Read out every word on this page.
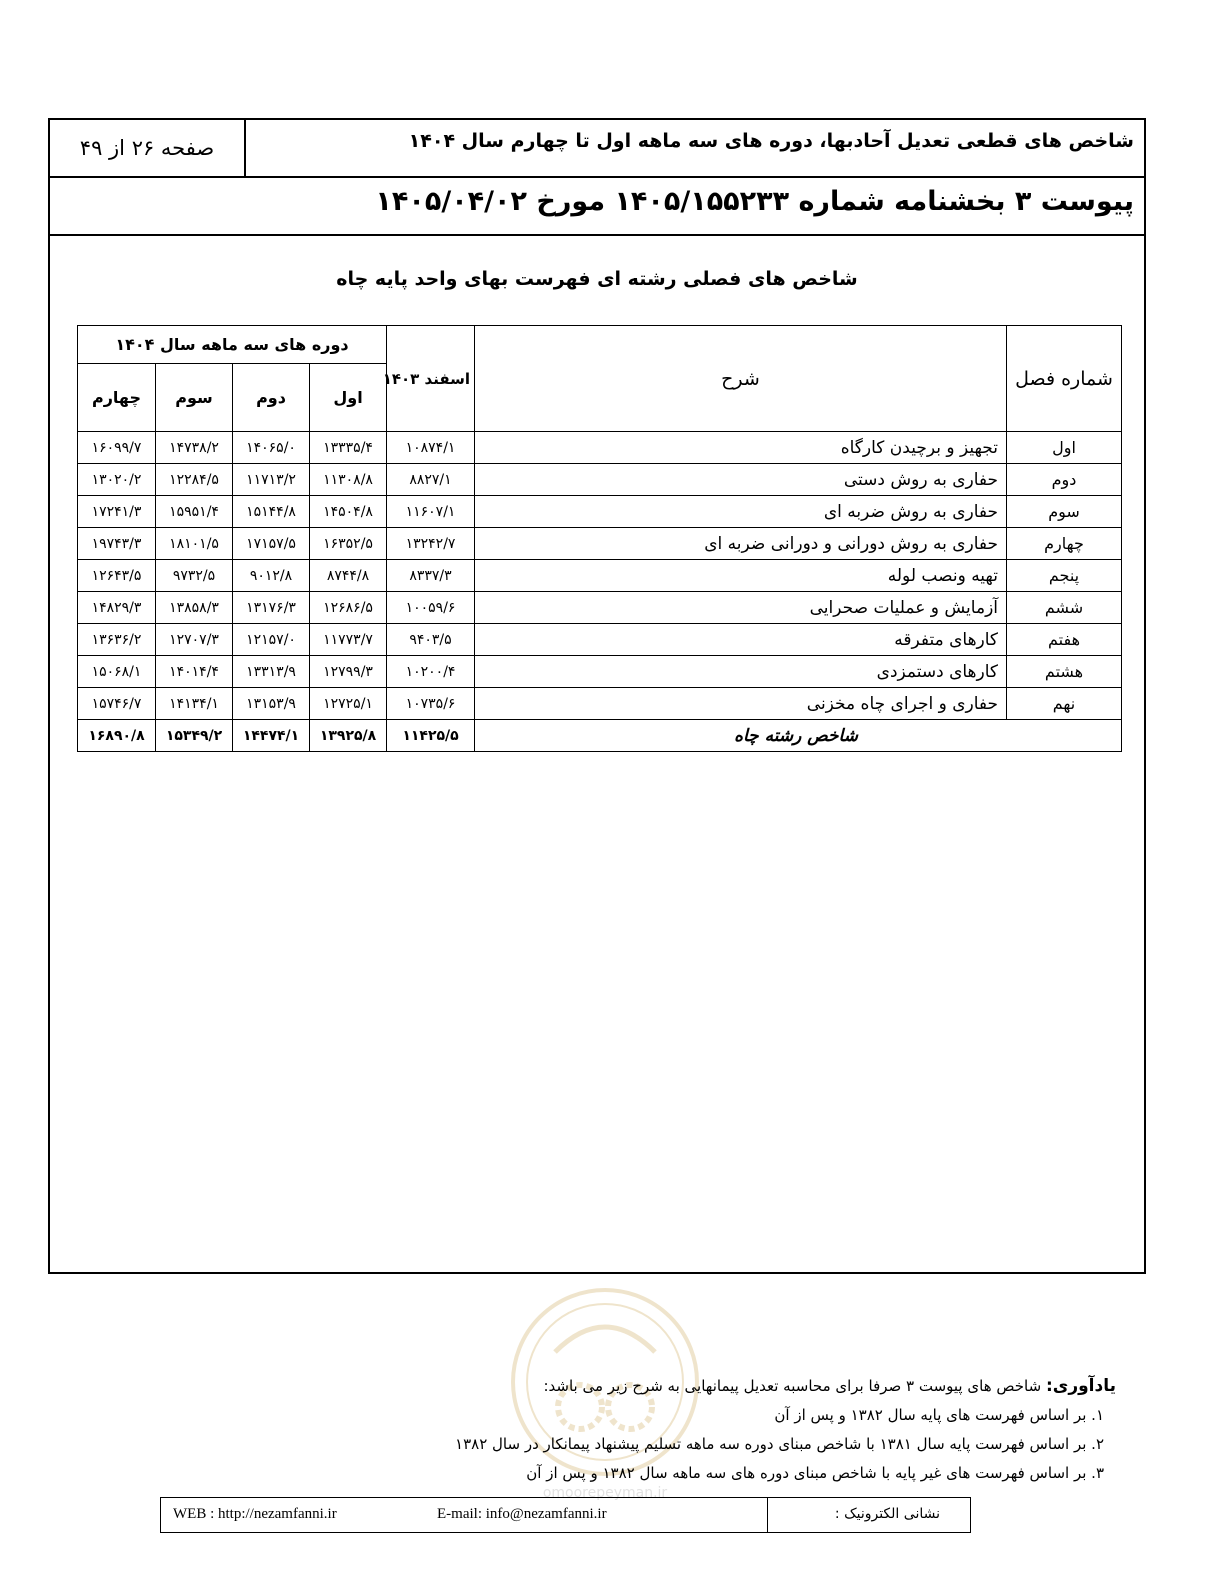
شاخص های قطعی تعدیل آحادبها، دوره های سه ماهه اول تا چهارم سال ۱۴۰۴
صفحه ۲۶ از ۴۹
پیوست ۳ بخشنامه شماره ۱۴۰۵/۱۵۵۲۳۳ مورخ ۱۴۰۵/۰۴/۰۲
شاخص های فصلی رشته ای فهرست بهای واحد پایه چاه
شماره فصل	شرح	اسفند ۱۴۰۳	دوره های سه ماهه سال ۱۴۰۴			
			اول	دوم	سوم	چهارم
اول	تجهیز و برچیدن کارگاه	۱۰۸۷۴/۱	۱۳۳۳۵/۴	۱۴۰۶۵/۰	۱۴۷۳۸/۲	۱۶۰۹۹/۷
دوم	حفاری به روش دستی	۸۸۲۷/۱	۱۱۳۰۸/۸	۱۱۷۱۳/۲	۱۲۲۸۴/۵	۱۳۰۲۰/۲
سوم	حفاری به روش ضربه ای	۱۱۶۰۷/۱	۱۴۵۰۴/۸	۱۵۱۴۴/۸	۱۵۹۵۱/۴	۱۷۲۴۱/۳
چهارم	حفاری به روش دورانی و دورانی ضربه ای	۱۳۲۴۲/۷	۱۶۳۵۲/۵	۱۷۱۵۷/۵	۱۸۱۰۱/۵	۱۹۷۴۳/۳
پنجم	تهیه ونصب لوله	۸۳۳۷/۳	۸۷۴۴/۸	۹۰۱۲/۸	۹۷۳۲/۵	۱۲۶۴۳/۵
ششم	آزمایش و عملیات صحرایی	۱۰۰۵۹/۶	۱۲۶۸۶/۵	۱۳۱۷۶/۳	۱۳۸۵۸/۳	۱۴۸۲۹/۳
هفتم	کارهای متفرقه	۹۴۰۳/۵	۱۱۷۷۳/۷	۱۲۱۵۷/۰	۱۲۷۰۷/۳	۱۳۶۳۶/۲
هشتم	کارهای دستمزدی	۱۰۲۰۰/۴	۱۲۷۹۹/۳	۱۳۳۱۳/۹	۱۴۰۱۴/۴	۱۵۰۶۸/۱
نهم	حفاری و اجرای چاه مخزنی	۱۰۷۳۵/۶	۱۲۷۲۵/۱	۱۳۱۵۳/۹	۱۴۱۳۴/۱	۱۵۷۴۶/۷
شاخص رشته چاه		۱۱۴۲۵/۵	۱۳۹۲۵/۸	۱۴۴۷۴/۱	۱۵۳۴۹/۲	۱۶۸۹۰/۸
omoorepeyman.ir
یادآوری: شاخص های پیوست ۳ صرفا برای محاسبه تعدیل پیمانهایی به شرح زیر می باشد:
۱. بر اساس فهرست های پایه سال ۱۳۸۲ و پس از آن
۲. بر اساس فهرست پایه سال ۱۳۸۱ با شاخص مبنای دوره سه ماهه تسلیم پیشنهاد پیمانکار در سال ۱۳۸۲
۳. بر اساس فهرست های غیر پایه با شاخص مبنای دوره های سه ماهه سال ۱۳۸۲ و پس از آن
WEB : http://nezamfanni.ir	E-mail: info@nezamfanni.ir	نشانی الکترونیک :
